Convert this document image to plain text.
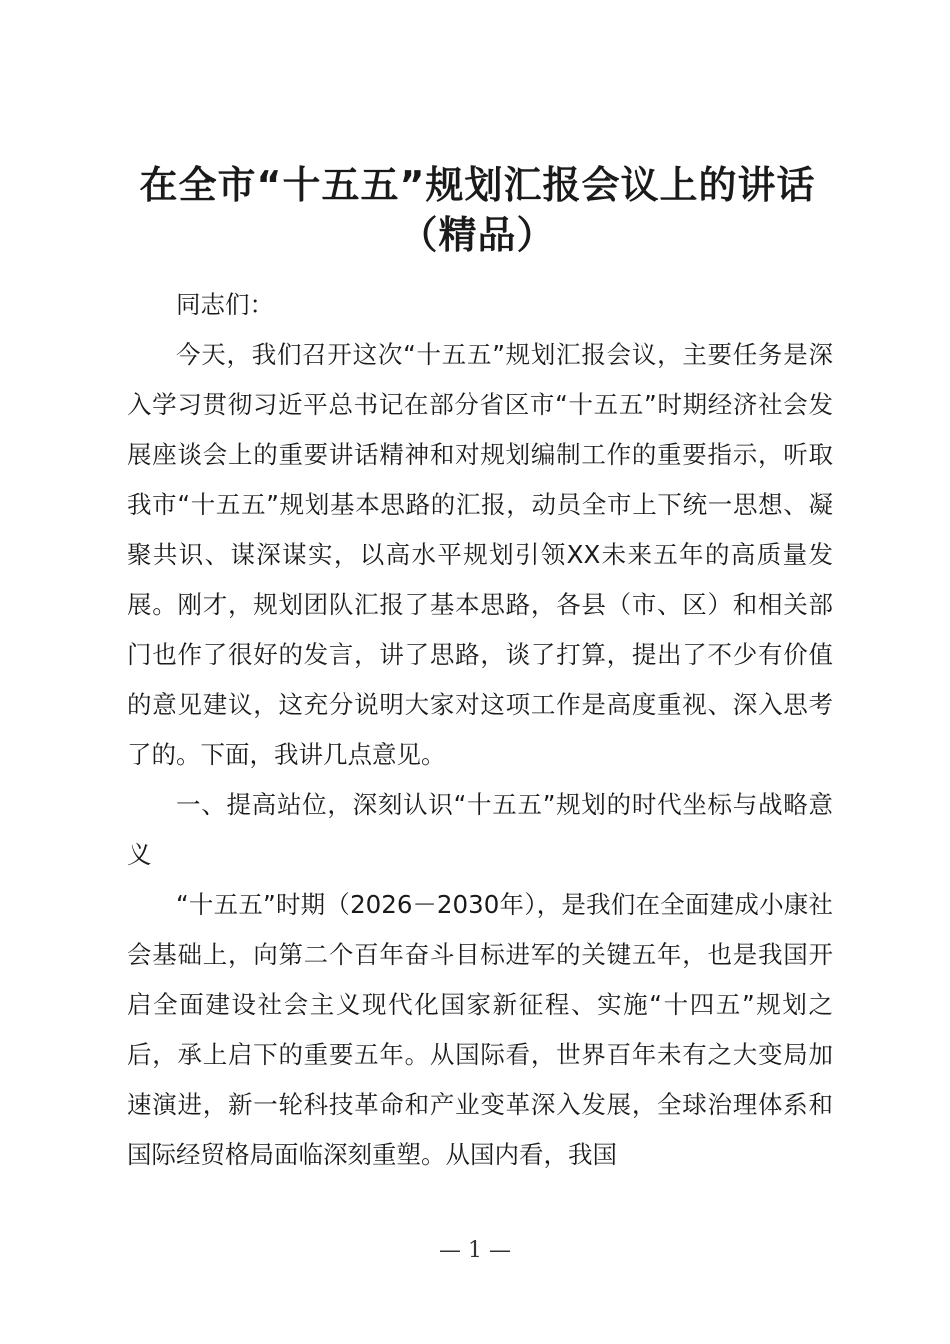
在全市“十五五”规划汇报会议上的讲话（精品）

同志们：

今天，我们召开这次“十五五”规划汇报会议，主要任务是深入学习贯彻习近平总书记在部分省区市“十五五”时期经济社会发展座谈会上的重要讲话精神和对规划编制工作的重要指示，听取我市“十五五”规划基本思路的汇报，动员全市上下统一思想、凝聚共识、谋深谋实，以高水平规划引领XX未来五年的高质量发展。刚才，规划团队汇报了基本思路，各县（市、区）和相关部门也作了很好的发言，讲了思路，谈了打算，提出了不少有价值的意见建议，这充分说明大家对这项工作是高度重视、深入思考了的。下面，我讲几点意见。

一、提高站位，深刻认识“十五五”规划的时代坐标与战略意义

“十五五”时期（2026－2030年），是我们在全面建成小康社会基础上，向第二个百年奋斗目标进军的关键五年，也是我国开启全面建设社会主义现代化国家新征程、实施“十四五”规划之后，承上启下的重要五年。从国际看，世界百年未有之大变局加速演进，新一轮科技革命和产业变革深入发展，全球治理体系和国际经贸格局面临深刻重塑。从国内看，我国

— 1 —
